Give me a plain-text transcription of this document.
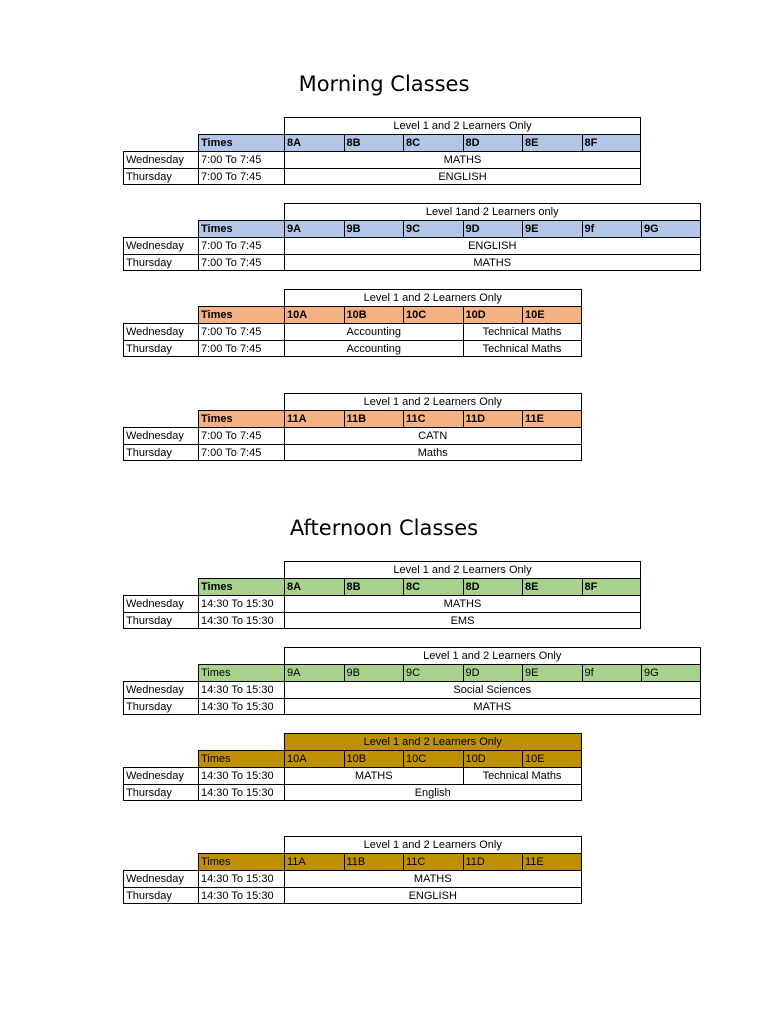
Morning Classes
Afternoon Classes
Level 1 and 2 Learners Only
Times	8A	8B	8C	8D	8E	8F
Wednesday	7:00 To 7:45	MATHS
Thursday	7:00 To 7:45	ENGLISH
Level 1and 2 Learners only
Times	9A	9B	9C	9D	9E	9f	9G
Wednesday	7:00 To 7:45	ENGLISH
Thursday	7:00 To 7:45	MATHS
Level 1 and 2 Learners Only
Times	10A	10B	10C	10D	10E
Wednesday	7:00 To 7:45	Accounting	Technical Maths
Thursday	7:00 To 7:45	Accounting	Technical Maths
Level 1 and 2 Learners Only
Times	11A	11B	11C	11D	11E
Wednesday	7:00 To 7:45	CATN
Thursday	7:00 To 7:45	Maths
Level 1 and 2 Learners Only
Times	8A	8B	8C	8D	8E	8F
Wednesday	14:30 To 15:30	MATHS
Thursday	14:30 To 15:30	EMS
Level 1 and 2 Learners Only
Times	9A	9B	9C	9D	9E	9f	9G
Wednesday	14:30 To 15:30	Social Sciences
Thursday	14:30 To 15:30	MATHS
Level 1 and 2 Learners Only
Times	10A	10B	10C	10D	10E
Wednesday	14:30 To 15:30	MATHS	Technical Maths
Thursday	14:30 To 15:30	English
Level 1 and 2 Learners Only
Times	11A	11B	11C	11D	11E
Wednesday	14:30 To 15:30	MATHS
Thursday	14:30 To 15:30	ENGLISH
